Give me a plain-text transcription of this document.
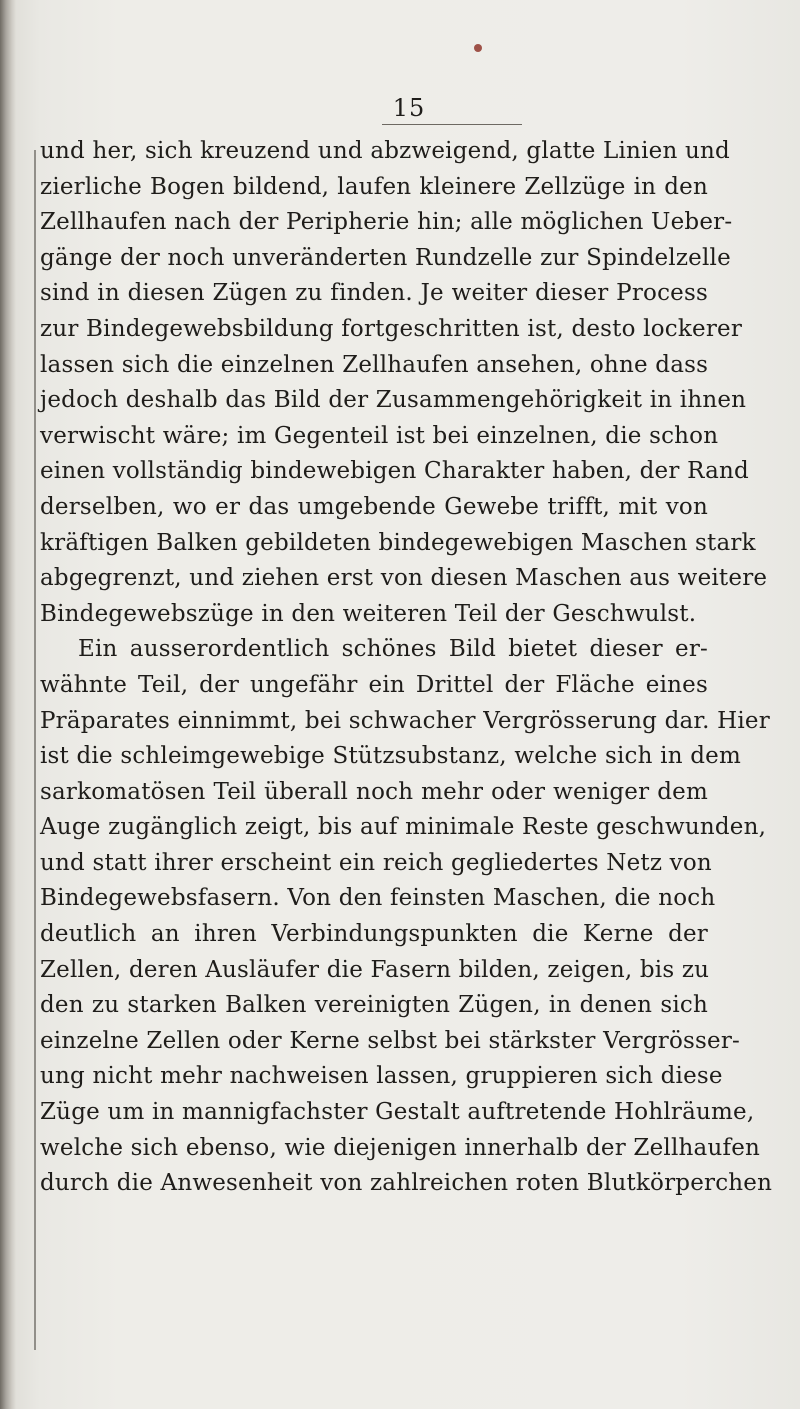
15
und her, sich kreuzend und abzweigend, glatte Linien und
zierliche Bogen bildend, laufen kleinere Zellzüge in den
Zellhaufen nach der Peripherie hin; alle möglichen Ueber-
gänge der noch unveränderten Rundzelle zur Spindelzelle
sind in diesen Zügen zu finden. Je weiter dieser Process
zur Bindegewebsbildung fortgeschritten ist, desto lockerer
lassen sich die einzelnen Zellhaufen ansehen, ohne dass
jedoch deshalb das Bild der Zusammengehörigkeit in ihnen
verwischt wäre; im Gegenteil ist bei einzelnen, die schon
einen vollständig bindewebigen Charakter haben, der Rand
derselben, wo er das umgebende Gewebe trifft, mit von
kräftigen Balken gebildeten bindegewebigen Maschen stark
abgegrenzt, und ziehen erst von diesen Maschen aus weitere
Bindegewebszüge in den weiteren Teil der Geschwulst.
Ein ausserordentlich schönes Bild bietet dieser er-
wähnte Teil, der ungefähr ein Drittel der Fläche eines
Präparates einnimmt, bei schwacher Vergrösserung dar. Hier
ist die schleimgewebige Stützsubstanz, welche sich in dem
sarkomatösen Teil überall noch mehr oder weniger dem
Auge zugänglich zeigt, bis auf minimale Reste geschwunden,
und statt ihrer erscheint ein reich gegliedertes Netz von
Bindegewebsfasern. Von den feinsten Maschen, die noch
deutlich an ihren Verbindungspunkten die Kerne der
Zellen, deren Ausläufer die Fasern bilden, zeigen, bis zu
den zu starken Balken vereinigten Zügen, in denen sich
einzelne Zellen oder Kerne selbst bei stärkster Vergrösser-
ung nicht mehr nachweisen lassen, gruppieren sich diese
Züge um in mannigfachster Gestalt auftretende Hohlräume,
welche sich ebenso, wie diejenigen innerhalb der Zellhaufen
durch die Anwesenheit von zahlreichen roten Blutkörperchen
